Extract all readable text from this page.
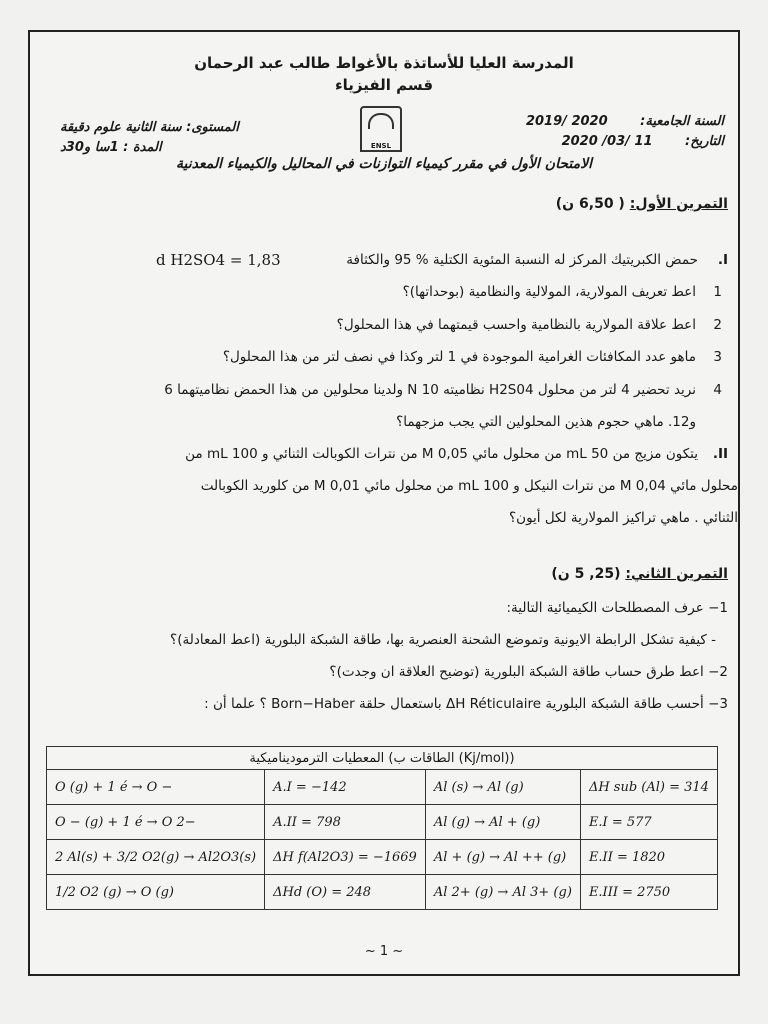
المدرسة العليا للأساتذة بالأغواط طالب عبد الرحمان
قسم الفيزياء
ENSL
السنة الجامعية: 2020 /2019
التاريخ: 11 /03/ 2020
المستوى: سنة الثانية علوم دقيقة
المدة : 1سا و30د
الامتحان الأول في مقرر كيمياء التوازنات في المحاليل والكيمياء المعدنية
التمرين الأول: ( 6,50 ن)
I.
حمض الكبريتيك المركز له النسبة المئوية الكتلية % 95 والكثافة
d H2SO4 = 1,83
1
اعط تعريف المولارية، المولالية والنظامية (بوحداتها)؟
2
اعط علاقة المولارية بالنظامية واحسب قيمتهما في هذا المحلول؟
3
ماهو عدد المكافئات الغرامية الموجودة في 1 لتر وكذا في نصف لتر من هذا المحلول؟
4
نريد تحضير 4 لتر من محلول H2S04 نظاميته 10 N ولدينا محلولين من هذا الحمض نظاميتهما 6
و12. ماهي حجوم هذين المحلولين التي يجب مزجهما؟
II.
يتكون مزيج من 50 mL من محلول مائي 0,05 M من نترات الكوبالت الثنائي و 100 mL من
محلول مائي 0,04 M من نترات النيكل و 100 mL من محلول مائي 0,01 M من كلوريد الكوبالت
الثنائي . ماهي تراكيز المولارية لكل أيون؟
التمرين الثاني: (25, 5 ن)
1− عرف المصطلحات الكيميائية التالية:
- كيفية تشكل الرابطة الايونية وتموضع الشحنة العنصرية بها، طاقة الشبكة البلورية (اعط المعادلة)؟
2− اعط طرق حساب طاقة الشبكة البلورية (توضيح العلاقة ان وجدت)؟
3− أحسب طاقة الشبكة البلورية ΔH Réticulaire باستعمال حلقة Born−Haber ؟ علما أن :
المعطيات الترموديناميكية (الطاقات ب (Kj/mol))			
O (g) + 1 é → O −	A.I = −142	Al (s) → Al (g)	ΔH sub (Al) = 314
O − (g) + 1 é → O 2−	A.II = 798	Al (g) → Al + (g)	E.I = 577
2 Al(s) + 3/2 O2(g) → Al2O3(s)	ΔH f(Al2O3) = −1669	Al + (g) → Al ++ (g)	E.II = 1820
1/2 O2 (g) → O (g)	ΔHd (O) = 248	Al 2+ (g) → Al 3+ (g)	E.III = 2750
~ 1 ~
